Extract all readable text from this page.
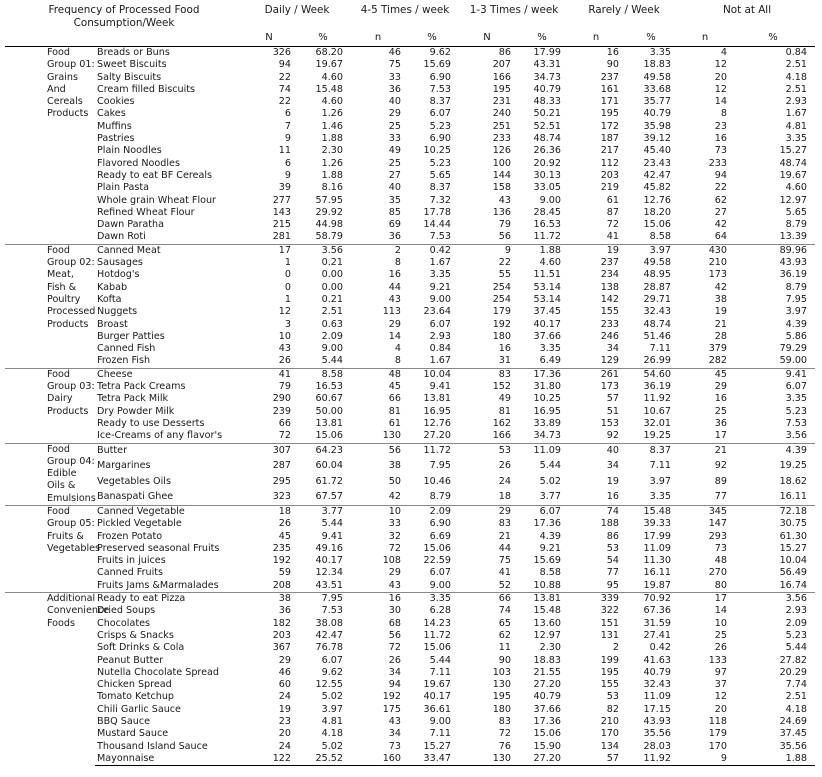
Frequency of Processed Food Consumption/Week		Daily / Week		4-5 Times / week		1-3 Times / week		Rarely / Week		Not at All	
		N	%	n	%	N	%	n	%	n	%
Food Group 01: Grains And Cereals Products	Breads or Buns	326	68.20	46	9.62	86	17.99	16	3.35	4	0.84
	Sweet Biscuits	94	19.67	75	15.69	207	43.31	90	18.83	12	2.51
	Salty Biscuits	22	4.60	33	6.90	166	34.73	237	49.58	20	4.18
	Cream filled Biscuits	74	15.48	36	7.53	195	40.79	161	33.68	12	2.51
	Cookies	22	4.60	40	8.37	231	48.33	171	35.77	14	2.93
	Cakes	6	1.26	29	6.07	240	50.21	195	40.79	8	1.67
	Muffins	7	1.46	25	5.23	251	52.51	172	35.98	23	4.81
	Pastries	9	1.88	33	6.90	233	48.74	187	39.12	16	3.35
	Plain Noodles	11	2.30	49	10.25	126	26.36	217	45.40	73	15.27
	Flavored Noodles	6	1.26	25	5.23	100	20.92	112	23.43	233	48.74
	Ready to eat BF Cereals	9	1.88	27	5.65	144	30.13	203	42.47	94	19.67
	Plain Pasta	39	8.16	40	8.37	158	33.05	219	45.82	22	4.60
	Whole grain Wheat Flour	277	57.95	35	7.32	43	9.00	61	12.76	62	12.97
	Refined Wheat Flour	143	29.92	85	17.78	136	28.45	87	18.20	27	5.65
	Dawn Paratha	215	44.98	69	14.44	79	16.53	72	15.06	42	8.79
	Dawn Roti	281	58.79	36	7.53	56	11.72	41	8.58	64	13.39
Food Group 02: Meat, Fish & Poultry Processed Products	Canned Meat	17	3.56	2	0.42	9	1.88	19	3.97	430	89.96
	Sausages	1	0.21	8	1.67	22	4.60	237	49.58	210	43.93
	Hotdog's	0	0.00	16	3.35	55	11.51	234	48.95	173	36.19
	Kabab	0	0.00	44	9.21	254	53.14	138	28.87	42	8.79
	Kofta	1	0.21	43	9.00	254	53.14	142	29.71	38	7.95
	Nuggets	12	2.51	113	23.64	179	37.45	155	32.43	19	3.97
	Broast	3	0.63	29	6.07	192	40.17	233	48.74	21	4.39
	Burger Patties	10	2.09	14	2.93	180	37.66	246	51.46	28	5.86
	Canned Fish	43	9.00	4	0.84	16	3.35	34	7.11	379	79.29
	Frozen Fish	26	5.44	8	1.67	31	6.49	129	26.99	282	59.00
Food Group 03: Dairy Products	Cheese	41	8.58	48	10.04	83	17.36	261	54.60	45	9.41
	Tetra Pack Creams	79	16.53	45	9.41	152	31.80	173	36.19	29	6.07
	Tetra Pack Milk	290	60.67	66	13.81	49	10.25	57	11.92	16	3.35
	Dry Powder Milk	239	50.00	81	16.95	81	16.95	51	10.67	25	5.23
	Ready to use Desserts	66	13.81	61	12.76	162	33.89	153	32.01	36	7.53
	Ice-Creams of any flavor's	72	15.06	130	27.20	166	34.73	92	19.25	17	3.56
Food Group 04: Edible Oils & Emulsions	Butter	307	64.23	56	11.72	53	11.09	40	8.37	21	4.39
	Margarines	287	60.04	38	7.95	26	5.44	34	7.11	92	19.25
	Vegetables Oils	295	61.72	50	10.46	24	5.02	19	3.97	89	18.62
	Banaspati Ghee	323	67.57	42	8.79	18	3.77	16	3.35	77	16.11
Food Group 05: Fruits & Vegetables	Canned Vegetable	18	3.77	10	2.09	29	6.07	74	15.48	345	72.18
	Pickled Vegetable	26	5.44	33	6.90	83	17.36	188	39.33	147	30.75
	Frozen Potato	45	9.41	32	6.69	21	4.39	86	17.99	293	61.30
	Preserved seasonal Fruits	235	49.16	72	15.06	44	9.21	53	11.09	73	15.27
	Fruits in juices	192	40.17	108	22.59	75	15.69	54	11.30	48	10.04
	Canned Fruits	59	12.34	29	6.07	41	8.58	77	16.11	270	56.49
	Fruits Jams &Marmalades	208	43.51	43	9.00	52	10.88	95	19.87	80	16.74
Additional Convenience Foods	Ready to eat Pizza	38	7.95	16	3.35	66	13.81	339	70.92	17	3.56
	Dried Soups	36	7.53	30	6.28	74	15.48	322	67.36	14	2.93
	Chocolates	182	38.08	68	14.23	65	13.60	151	31.59	10	2.09
	Crisps & Snacks	203	42.47	56	11.72	62	12.97	131	27.41	25	5.23
	Soft Drinks & Cola	367	76.78	72	15.06	11	2.30	2	0.42	26	5.44
	Peanut Butter	29	6.07	26	5.44	90	18.83	199	41.63	133	27.82
	Nutella Chocolate Spread	46	9.62	34	7.11	103	21.55	195	40.79	97	20.29
	Chicken Spread	60	12.55	94	19.67	130	27.20	155	32.43	37	7.74
	Tomato Ketchup	24	5.02	192	40.17	195	40.79	53	11.09	12	2.51
	Chili Garlic Sauce	19	3.97	175	36.61	180	37.66	82	17.15	20	4.18
	BBQ Sauce	23	4.81	43	9.00	83	17.36	210	43.93	118	24.69
	Mustard Sauce	20	4.18	34	7.11	72	15.06	170	35.56	179	37.45
	Thousand Island Sauce	24	5.02	73	15.27	76	15.90	134	28.03	170	35.56
	Mayonnaise	122	25.52	160	33.47	130	27.20	57	11.92	9	1.88
